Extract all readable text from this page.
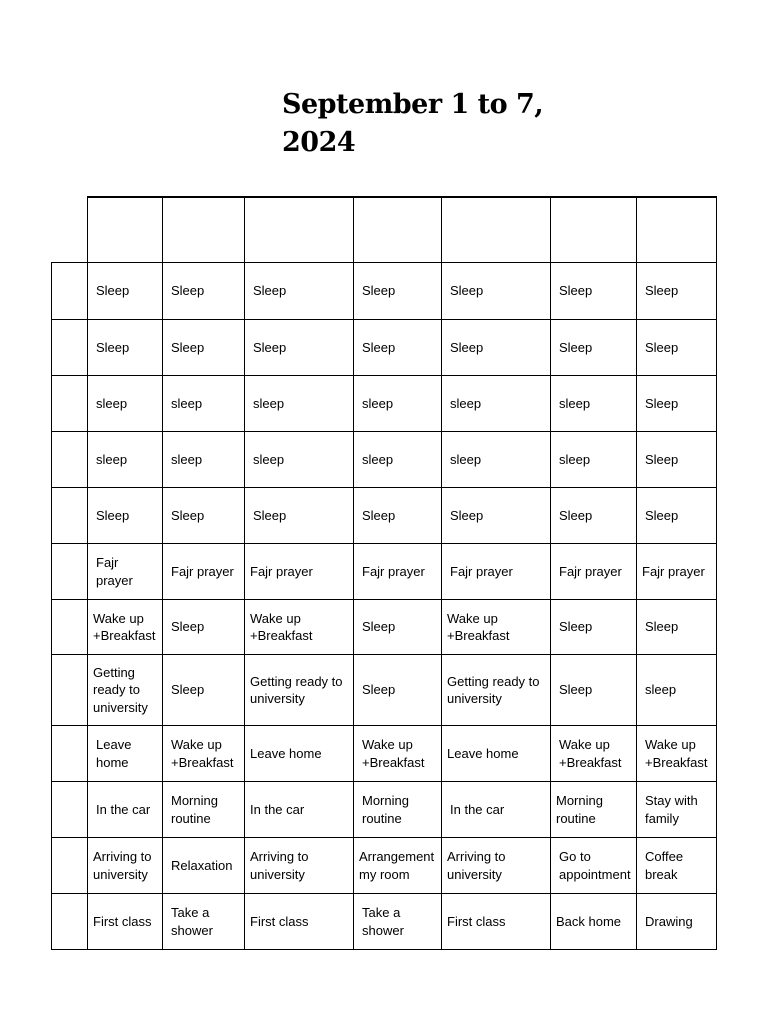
September 1 to 7, 2024

	Sleep	Sleep	Sleep	Sleep	Sleep	Sleep	Sleep
	Sleep	Sleep	Sleep	Sleep	Sleep	Sleep	Sleep
	sleep	sleep	sleep	sleep	sleep	sleep	Sleep
	sleep	sleep	sleep	sleep	sleep	sleep	Sleep
	Sleep	Sleep	Sleep	Sleep	Sleep	Sleep	Sleep
	Fajr prayer	Fajr prayer	Fajr prayer	Fajr prayer	Fajr prayer	Fajr prayer	Fajr prayer
	Wake up +Breakfast	Sleep	Wake up +Breakfast	Sleep	Wake up +Breakfast	Sleep	Sleep
	Getting ready to university	Sleep	Getting ready to university	Sleep	Getting ready to university	Sleep	sleep
	Leave home	Wake up +Breakfast	Leave home	Wake up +Breakfast	Leave home	Wake up +Breakfast	Wake up +Breakfast
	In the car	Morning routine	In the car	Morning routine	In the car	Morning routine	Stay with family
	Arriving to university	Relaxation	Arriving to university	Arrangement my room	Arriving to university	Go to appointment	Coffee break
	First class	Take a shower	First class	Take a shower	First class	Back home	Drawing
